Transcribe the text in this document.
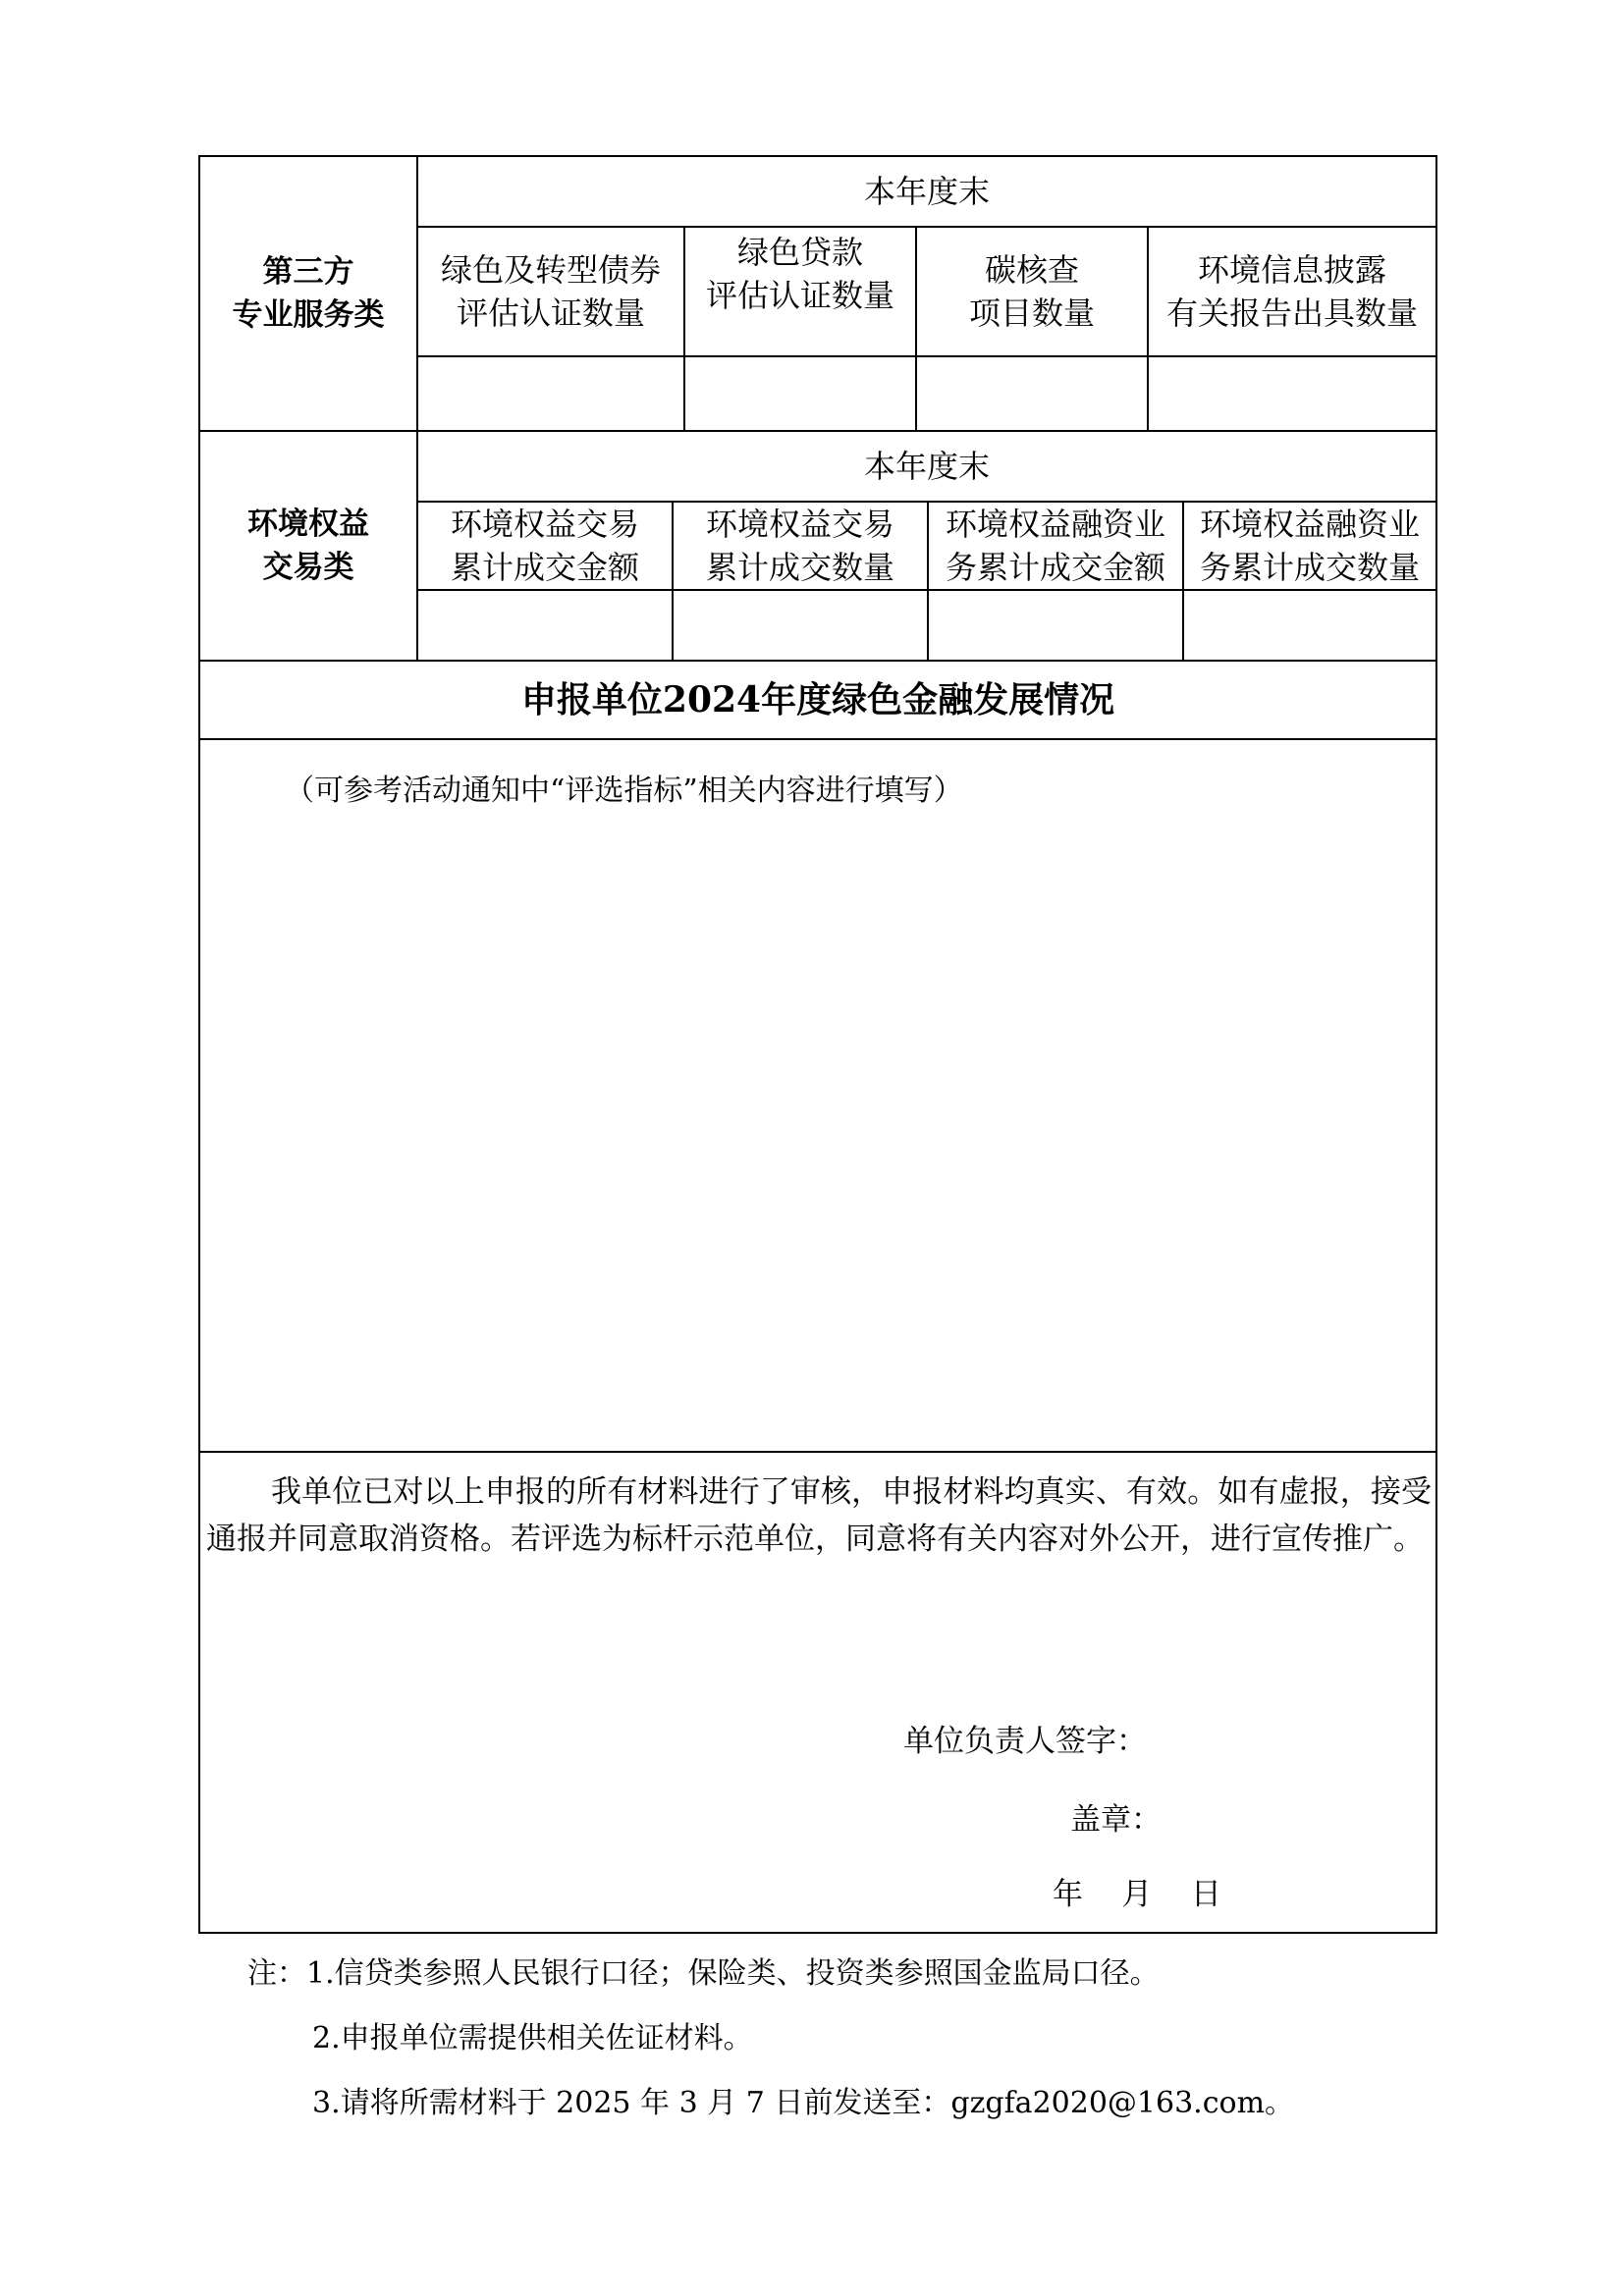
第三方
专业服务类
本年度末
绿色及转型债券
评估认证数量
绿色贷款
评估认证数量
碳核查
项目数量
环境信息披露
有关报告出具数量
环境权益
交易类
本年度末
环境权益交易
累计成交金额
环境权益交易
累计成交数量
环境权益融资业
务累计成交金额
环境权益融资业
务累计成交数量
申报单位2024年度绿色金融发展情况
（可参考活动通知中“评选指标”相关内容进行填写）
我单位已对以上申报的所有材料进行了审核，申报材料均真实、有效。如有虚报，接受通报并同意取消资格。若评选为标杆示范单位，同意将有关内容对外公开，进行宣传推广。
单位负责人签字：
盖章：
年    月    日
注：1.信贷类参照人民银行口径；保险类、投资类参照国金监局口径。
2.申报单位需提供相关佐证材料。
3.请将所需材料于 2025 年 3 月 7 日前发送至：gzgfa2020@163.com。
